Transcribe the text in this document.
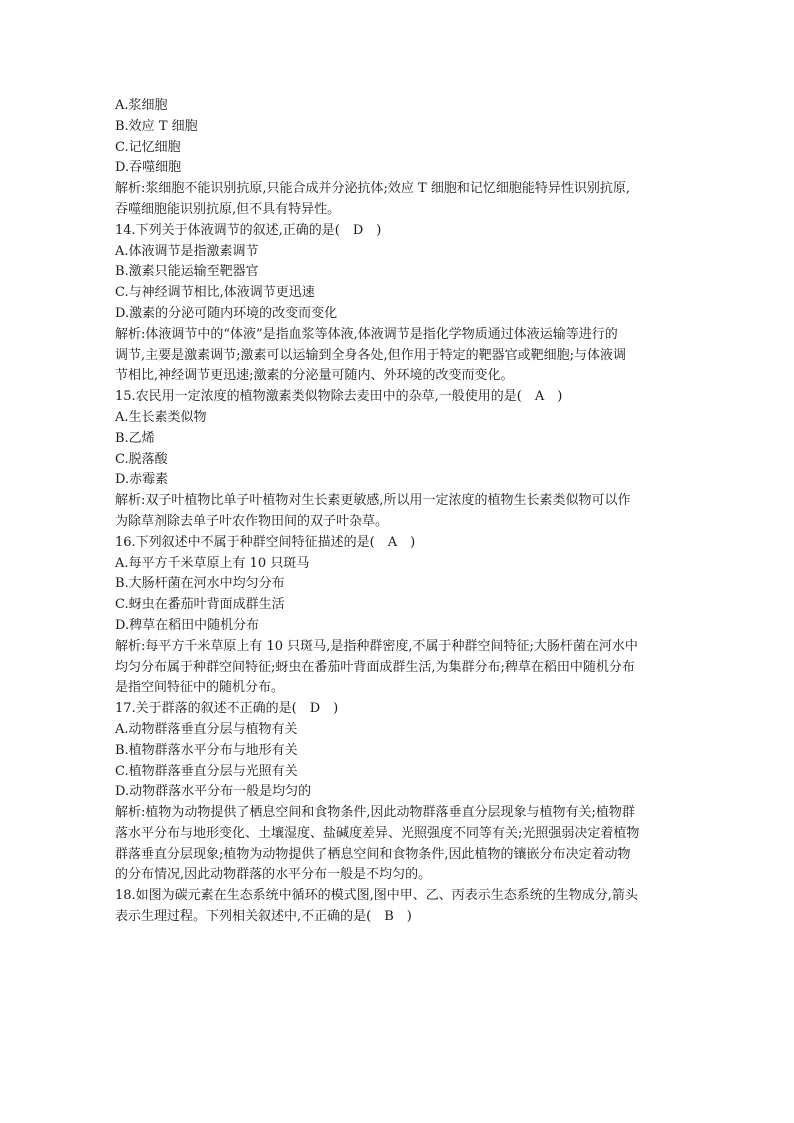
A.浆细胞
B.效应 T 细胞
C.记忆细胞
D.吞噬细胞
解析:浆细胞不能识别抗原,只能合成并分泌抗体;效应 T 细胞和记忆细胞能特异性识别抗原,
吞噬细胞能识别抗原,但不具有特异性。
14.下列关于体液调节的叙述,正确的是(　D　)
A.体液调节是指激素调节
B.激素只能运输至靶器官
C.与神经调节相比,体液调节更迅速
D.激素的分泌可随内环境的改变而变化
解析:体液调节中的“体液”是指血浆等体液,体液调节是指化学物质通过体液运输等进行的
调节,主要是激素调节;激素可以运输到全身各处,但作用于特定的靶器官或靶细胞;与体液调
节相比,神经调节更迅速;激素的分泌量可随内、外环境的改变而变化。
15.农民用一定浓度的植物激素类似物除去麦田中的杂草,一般使用的是(　A　)
A.生长素类似物
B.乙烯
C.脱落酸
D.赤霉素
解析:双子叶植物比单子叶植物对生长素更敏感,所以用一定浓度的植物生长素类似物可以作
为除草剂除去单子叶农作物田间的双子叶杂草。
16.下列叙述中不属于种群空间特征描述的是(　A　)
A.每平方千米草原上有 10 只斑马
B.大肠杆菌在河水中均匀分布
C.蚜虫在番茄叶背面成群生活
D.稗草在稻田中随机分布
解析:每平方千米草原上有 10 只斑马,是指种群密度,不属于种群空间特征;大肠杆菌在河水中
均匀分布属于种群空间特征;蚜虫在番茄叶背面成群生活,为集群分布;稗草在稻田中随机分布
是指空间特征中的随机分布。
17.关于群落的叙述不正确的是(　D　)
A.动物群落垂直分层与植物有关
B.植物群落水平分布与地形有关
C.植物群落垂直分层与光照有关
D.动物群落水平分布一般是均匀的
解析:植物为动物提供了栖息空间和食物条件,因此动物群落垂直分层现象与植物有关;植物群
落水平分布与地形变化、土壤湿度、盐碱度差异、光照强度不同等有关;光照强弱决定着植物
群落垂直分层现象;植物为动物提供了栖息空间和食物条件,因此植物的镶嵌分布决定着动物
的分布情况,因此动物群落的水平分布一般是不均匀的。
18.如图为碳元素在生态系统中循环的模式图,图中甲、乙、丙表示生态系统的生物成分,箭头
表示生理过程。下列相关叙述中,不正确的是(　B　)
